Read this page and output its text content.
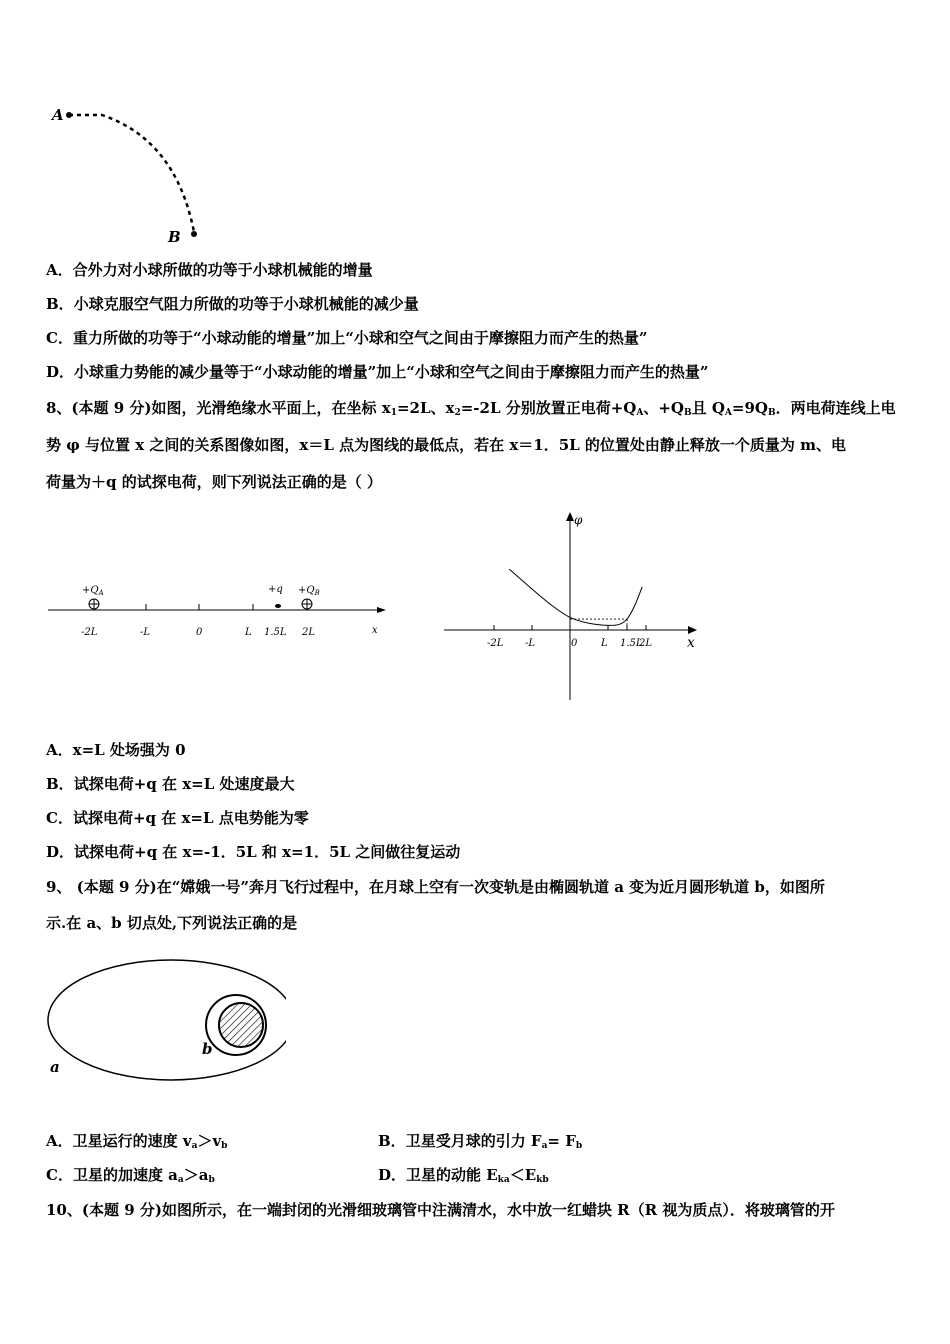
A
B
A．合外力对小球所做的功等于小球机械能的增量
B．小球克服空气阻力所做的功等于小球机械能的减少量
C．重力所做的功等于“小球动能的增量”加上“小球和空气之间由于摩擦阻力而产生的热量”
D．小球重力势能的减少量等于“小球动能的增量”加上“小球和空气之间由于摩擦阻力而产生的热量”
8、(本题 9 分)如图，光滑绝缘水平面上，在坐标 $x_1=2L$、$x_2=-2L$ 分别放置正电荷$+Q_A$、$+Q_B$且 $Q_A=9Q_B$．两电荷连线上电
势 φ 与位置 x 之间的关系图像如图，x＝L 点为图线的最低点，若在 x＝1．5L 的位置处由静止释放一个质量为 m、电
荷量为＋q 的试探电荷，则下列说法正确的是（ ）
$+Q_A$	$+q +Q_B$
-2L	-L	0	L 1.5L 2L	x
φ
x
0
-2L -L	L 1.5L
2L
A．x=L 处场强为 0
B．试探电荷+q 在 x=L 处速度最大
C．试探电荷+q 在 x=L 点电势能为零
D．试探电荷+q 在 x=-1．5L 和 x=1．5L 之间做往复运动
9、 (本题 9 分)在“嫦娥一号”奔月飞行过程中，在月球上空有一次变轨是由椭圆轨道 a 变为近月圆形轨道 b，如图所
示.在 a、b 切点处,下列说法正确的是
a
b
A．卫星运行的速度 $v_a>v_b$	B．卫星受月球的引力 $F_a= F_b$
C．卫星的加速度 $a_a>a_b$	D．卫星的动能 $E_{ka}<E_{kb}$
10、(本题 9 分)如图所示，在一端封闭的光滑细玻璃管中注满清水，水中放一红蜡块 R（R 视为质点）．将玻璃管的开
